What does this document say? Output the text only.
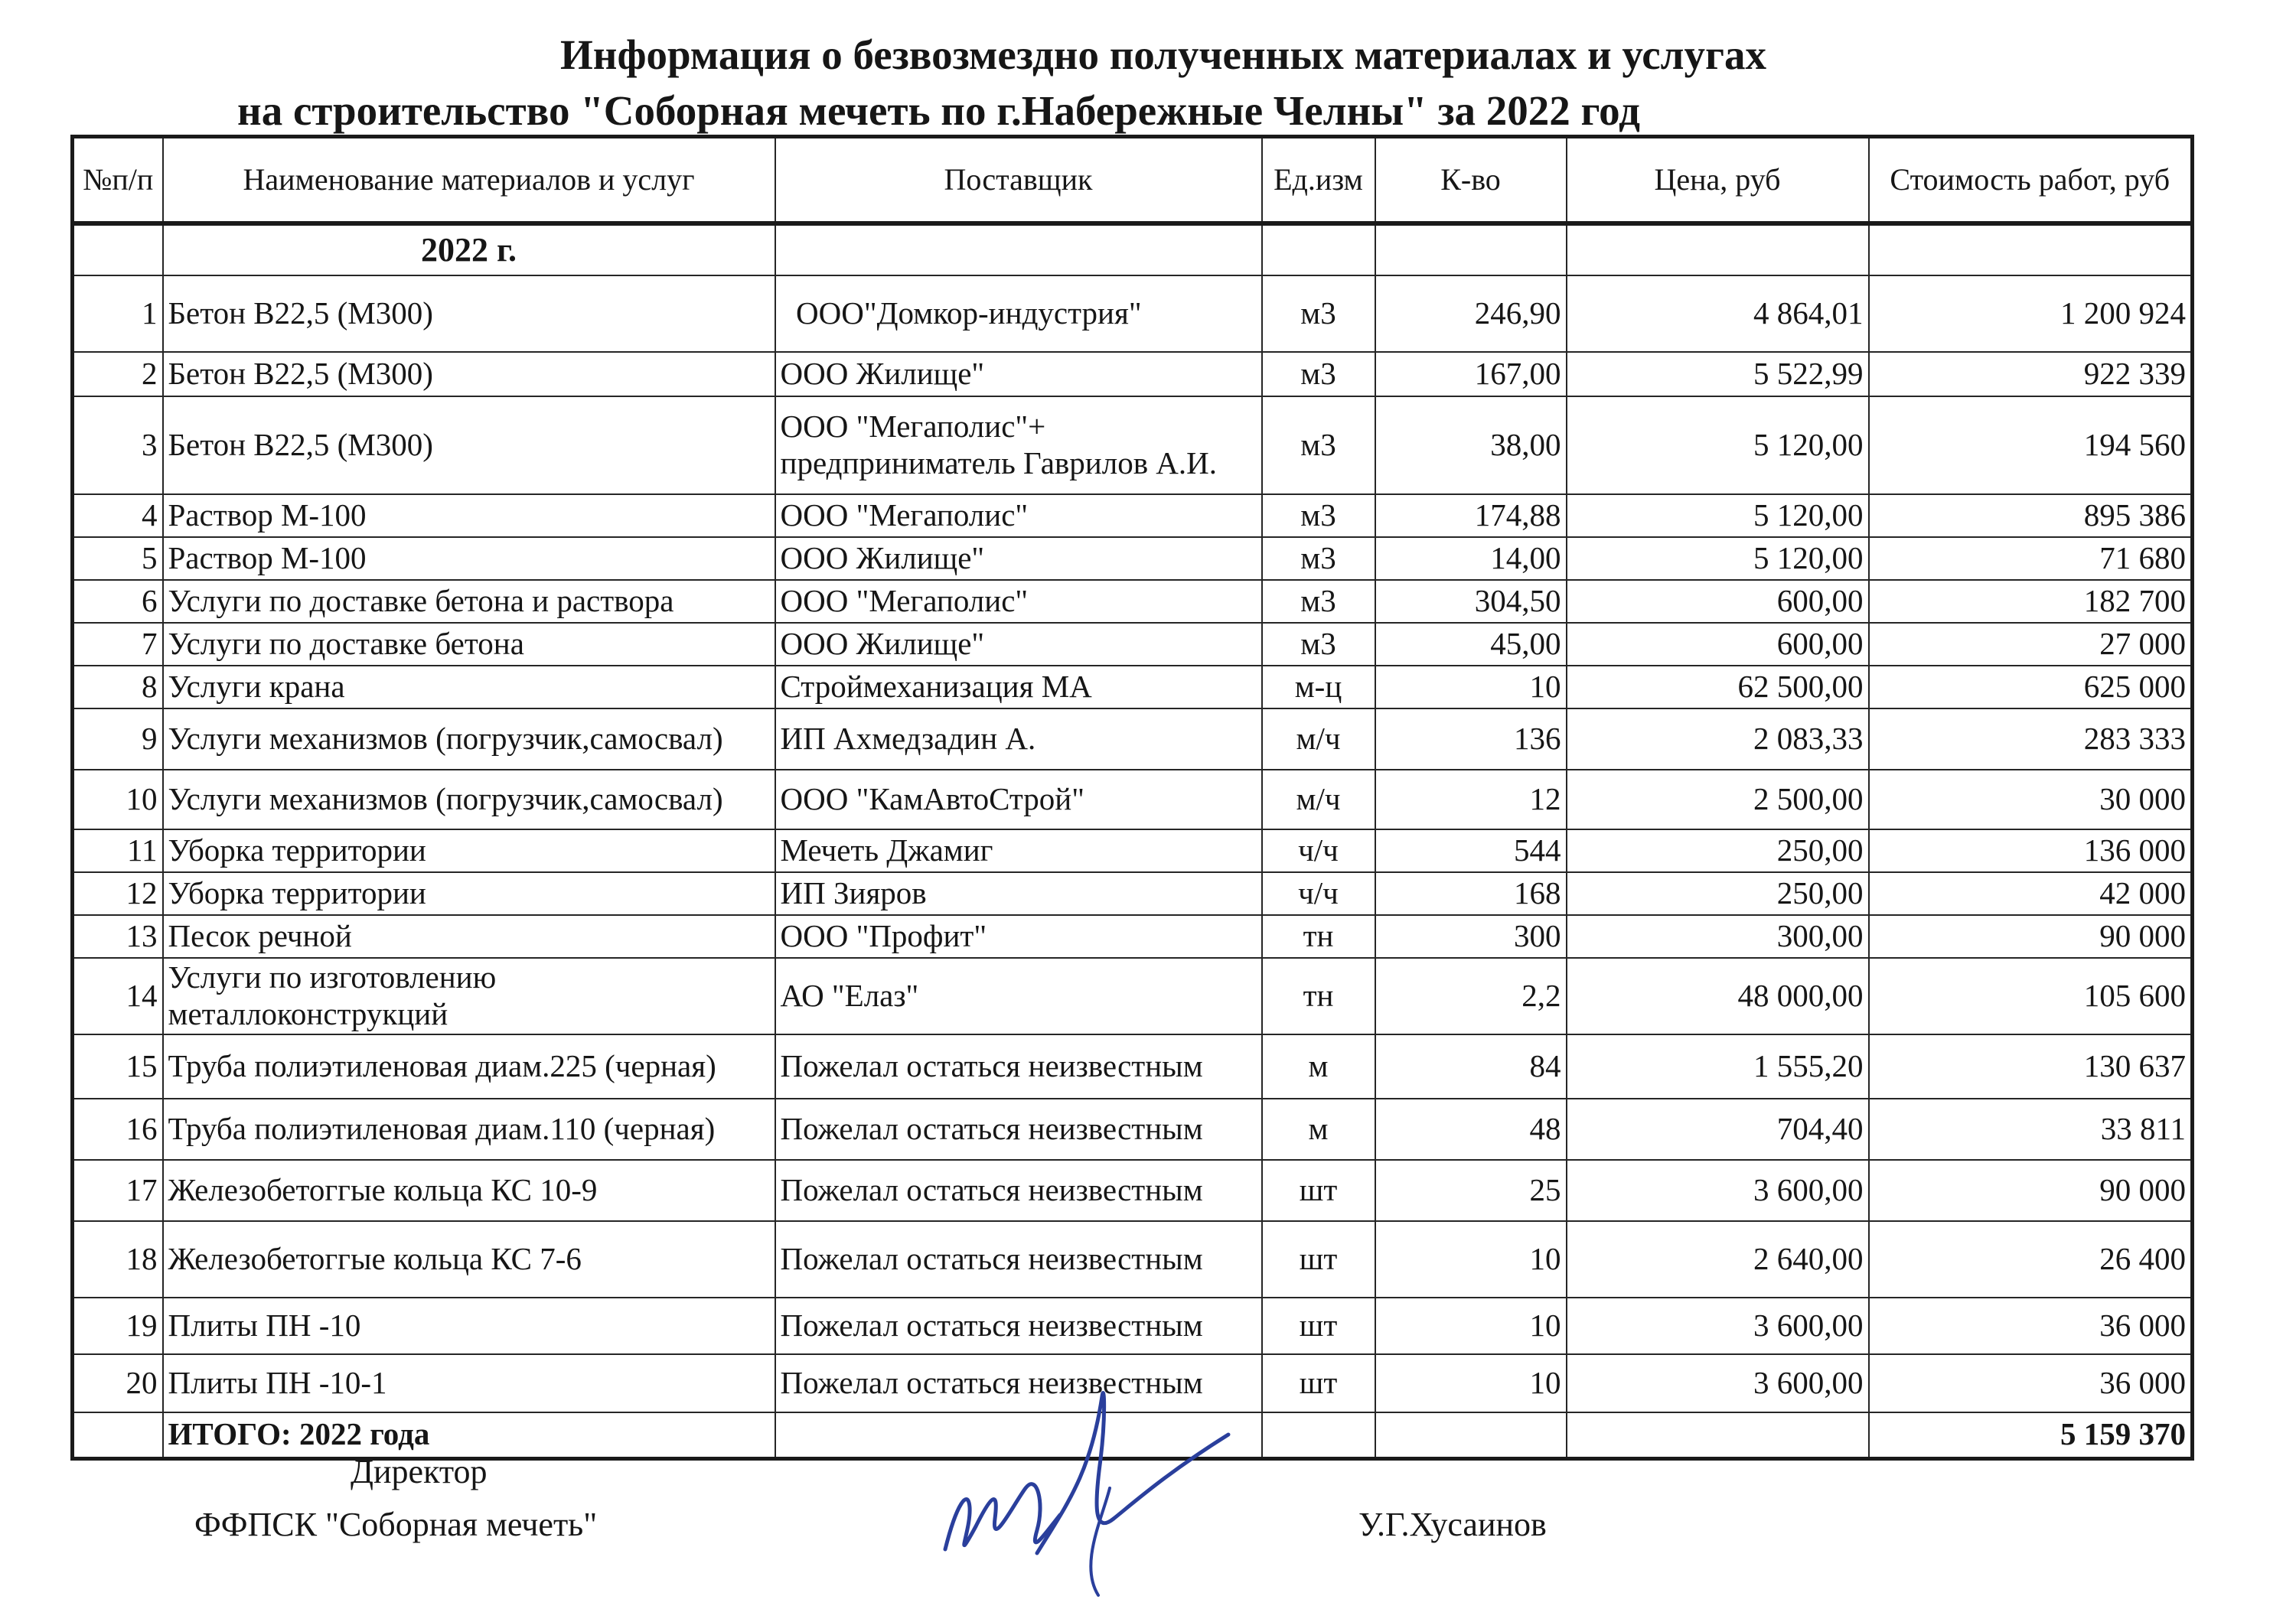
Информация о безвозмездно полученных материалах и услугах
на строительство "Соборная мечеть по г.Набережные Челны" за 2022 год
№п/п	Наименование материалов и услуг	Поставщик	Ед.изм	К-во	Цена, руб	Стоимость работ, руб
	2022 г.					
1	Бетон В22,5 (М300)	ООО"Домкор-индустрия"	м3	246,90	4 864,01	1 200 924
2	Бетон В22,5 (М300)	ООО Жилище"	м3	167,00	5 522,99	922 339
3	Бетон В22,5 (М300)	ООО "Мегаполис"+ предприниматель Гаврилов А.И.	м3	38,00	5 120,00	194 560
4	Раствор М-100	ООО "Мегаполис"	м3	174,88	5 120,00	895 386
5	Раствор М-100	ООО Жилище"	м3	14,00	5 120,00	71 680
6	Услуги по доставке бетона и раствора	ООО "Мегаполис"	м3	304,50	600,00	182 700
7	Услуги по доставке бетона	ООО Жилище"	м3	45,00	600,00	27 000
8	Услуги крана	Строймеханизация МА	м-ц	10	62 500,00	625 000
9	Услуги механизмов (погрузчик,самосвал)	ИП Ахмедзадин А.	м/ч	136	2 083,33	283 333
10	Услуги механизмов (погрузчик,самосвал)	ООО "КамАвтоСтрой"	м/ч	12	2 500,00	30 000
11	Уборка территории	Мечеть Джамиг	ч/ч	544	250,00	136 000
12	Уборка территории	ИП Зияров	ч/ч	168	250,00	42 000
13	Песок речной	ООО "Профит"	тн	300	300,00	90 000
14	Услуги по изготовлению металлоконструкций	АО "Елаз"	тн	2,2	48 000,00	105 600
15	Труба полиэтиленовая диам.225 (черная)	Пожелал остаться неизвестным	м	84	1 555,20	130 637
16	Труба полиэтиленовая диам.110 (черная)	Пожелал остаться неизвестным	м	48	704,40	33 811
17	Железобетоггые кольца КС 10-9	Пожелал остаться неизвестным	шт	25	3 600,00	90 000
18	Железобетоггые кольца КС 7-6	Пожелал остаться неизвестным	шт	10	2 640,00	26 400
19	Плиты ПН -10	Пожелал остаться неизвестным	шт	10	3 600,00	36 000
20	Плиты ПН -10-1	Пожелал остаться неизвестным	шт	10	3 600,00	36 000
	ИТОГО: 2022 года					5 159 370
Директор
ФФПСК "Соборная мечеть"	У.Г.Хусаинов
